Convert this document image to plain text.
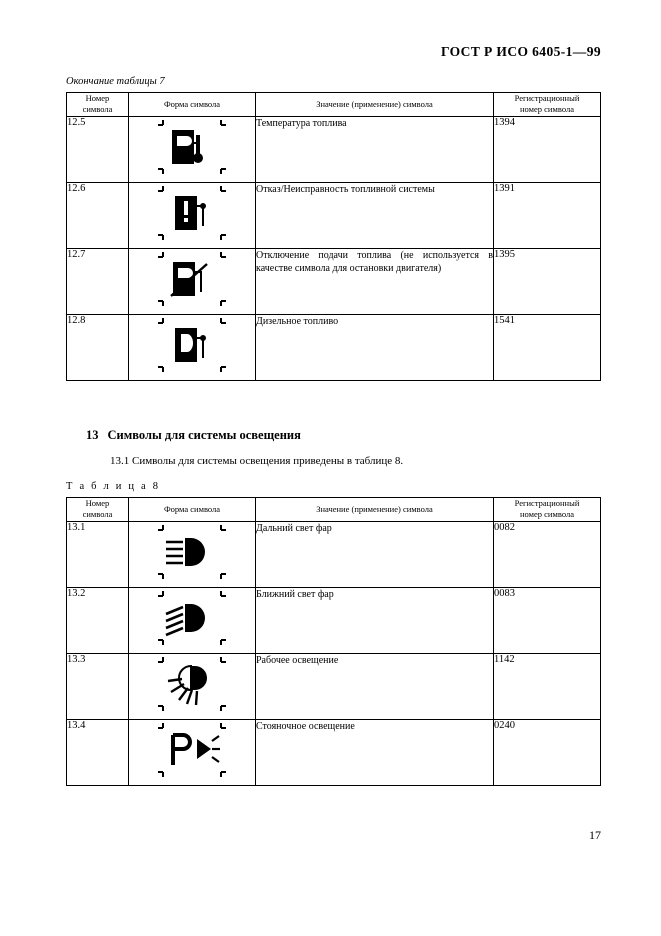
ГОСТ Р ИСО 6405-1—99
Окончание таблицы 7
Номер
символа	Форма символа	Значение (применение) символа	Регистрационный
номер символа
12.5		Температура топлива	1394
12.6		Отказ/Неисправность топливной системы	1391
12.7		Отключение подачи топлива (не используется в качестве символа для остановки двигателя)	1395
12.8		Дизельное топливо	1541
13 Символы для системы освещения
13.1 Символы для системы освещения приведены в таблице 8.
Т а б л и ц а 8
Номер
символа	Форма символа	Значение (применение) символа	Регистрационный
номер символа
13.1		Дальний свет фар	0082
13.2		Ближний свет фар	0083
13.3		Рабочее освещение	1142
13.4		Стояночное освещение	0240
17
